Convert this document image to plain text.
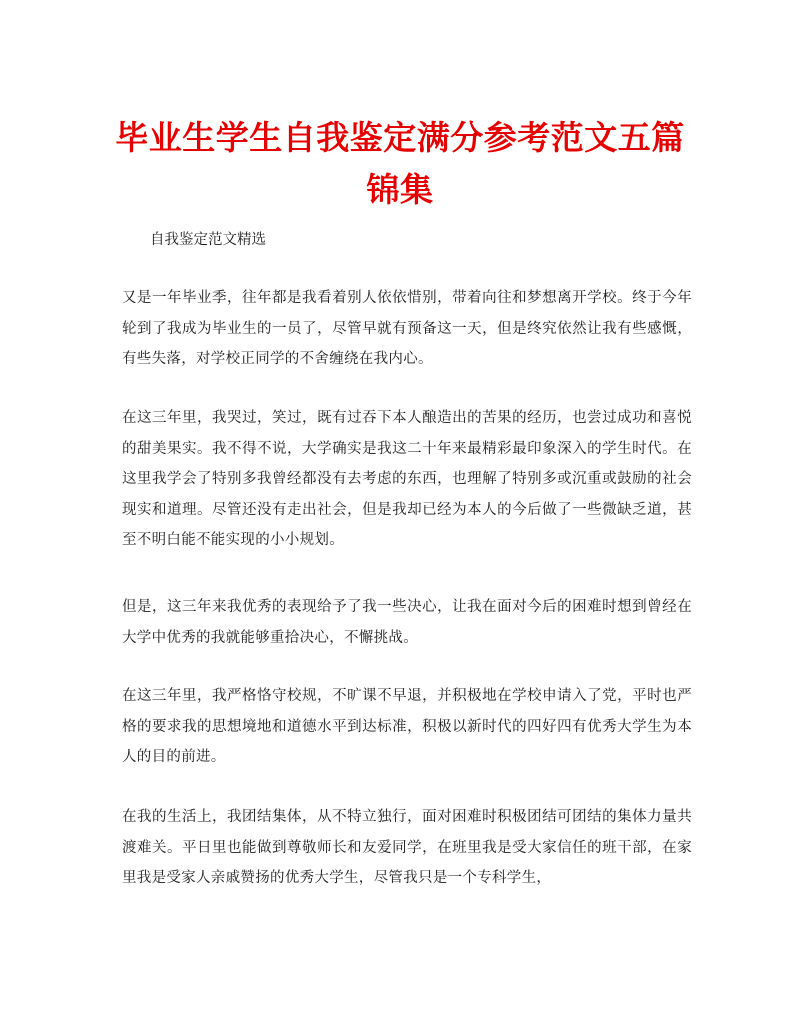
毕业生学生自我鉴定满分参考范文五篇锦集

自我鉴定范文精选

又是一年毕业季，往年都是我看着别人依依惜别，带着向往和梦想离开学校。终于今年轮到了我成为毕业生的一员了，尽管早就有预备这一天，但是终究依然让我有些感慨，有些失落，对学校正同学的不舍缠绕在我内心。

在这三年里，我哭过，笑过，既有过吞下本人酿造出的苦果的经历，也尝过成功和喜悦的甜美果实。我不得不说，大学确实是我这二十年来最精彩最印象深入的学生时代。在这里我学会了特别多我曾经都没有去考虑的东西，也理解了特别多或沉重或鼓励的社会现实和道理。尽管还没有走出社会，但是我却已经为本人的今后做了一些微缺乏道，甚至不明白能不能实现的小小规划。

但是，这三年来我优秀的表现给予了我一些决心，让我在面对今后的困难时想到曾经在大学中优秀的我就能够重拾决心，不懈挑战。

在这三年里，我严格恪守校规，不旷课不早退，并积极地在学校申请入了党，平时也严格的要求我的思想境地和道德水平到达标准，积极以新时代的四好四有优秀大学生为本人的目的前进。

在我的生活上，我团结集体，从不特立独行，面对困难时积极团结可团结的集体力量共渡难关。平日里也能做到尊敬师长和友爱同学，在班里我是受大家信任的班干部，在家里我是受家人亲戚赞扬的优秀大学生，尽管我只是一个专科学生，
